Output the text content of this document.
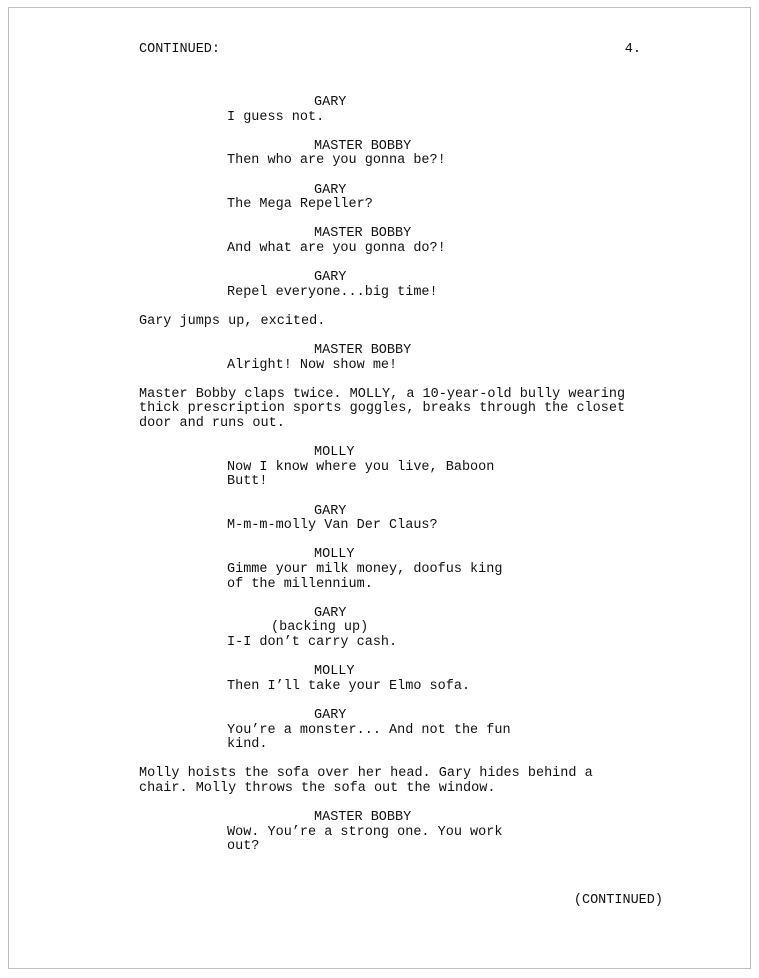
CONTINUED:	4.
GARY
I guess not.
MASTER BOBBY
Then who are you gonna be?!
GARY
The Mega Repeller?
MASTER BOBBY
And what are you gonna do?!
GARY
Repel everyone...big time!
Gary jumps up, excited.
MASTER BOBBY
Alright! Now show me!
Master Bobby claps twice. MOLLY, a 10-year-old bully wearing
thick prescription sports goggles, breaks through the closet
door and runs out.
MOLLY
Now I know where you live, Baboon
Butt!
GARY
M-m-m-molly Van Der Claus?
MOLLY
Gimme your milk money, doofus king
of the millennium.
GARY
(backing up)
I-I don’t carry cash.
MOLLY
Then I’ll take your Elmo sofa.
GARY
You’re a monster... And not the fun
kind.
Molly hoists the sofa over her head. Gary hides behind a
chair. Molly throws the sofa out the window.
MASTER BOBBY
Wow. You’re a strong one. You work
out?
(CONTINUED)
